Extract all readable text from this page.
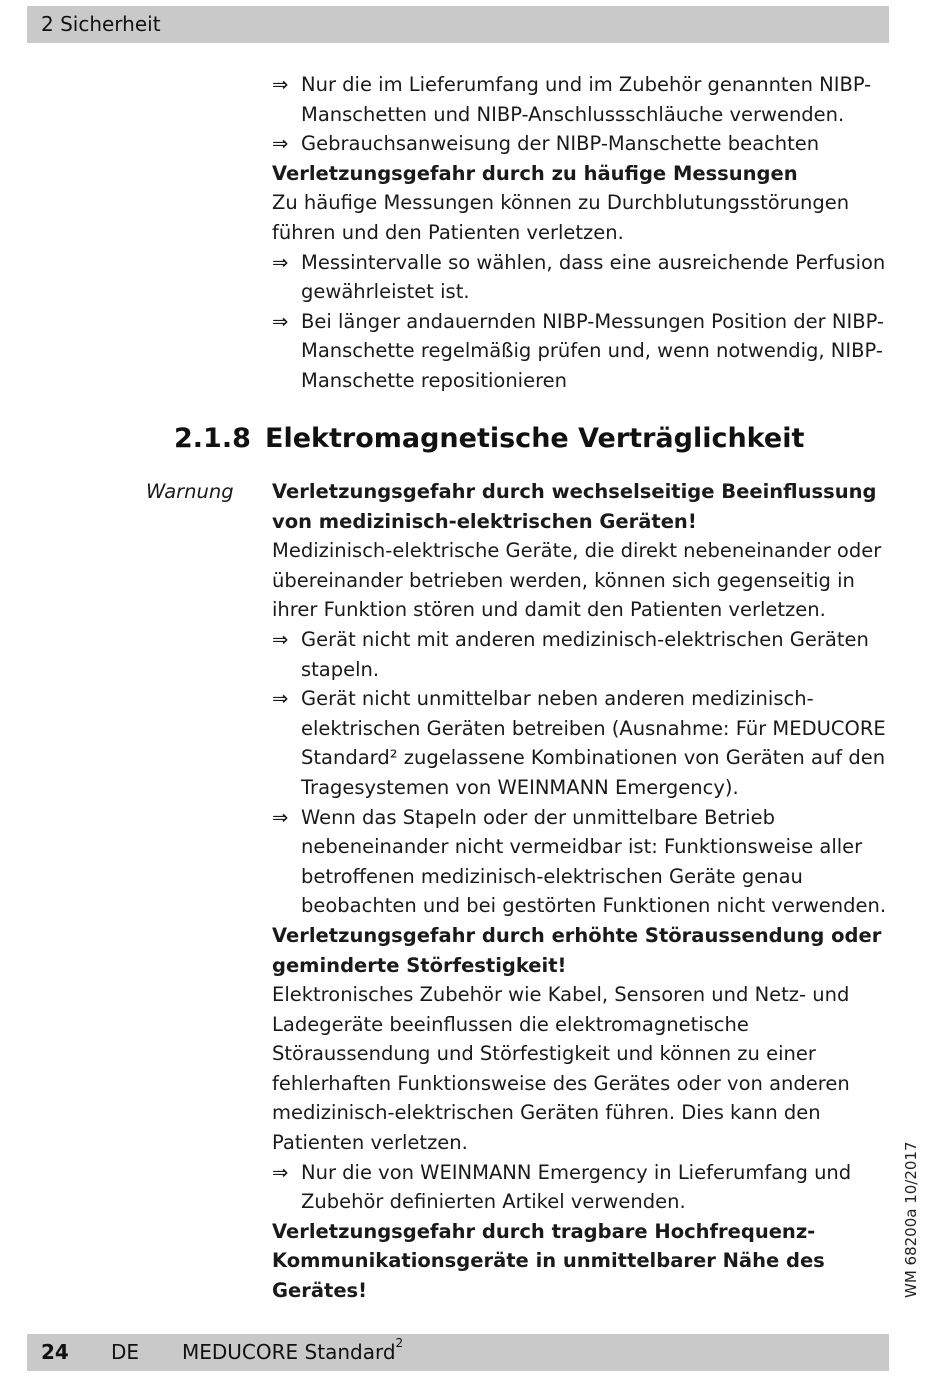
2 Sicherheit

⇒ Nur die im Lieferumfang und im Zubehör genannten NIBP-Manschetten und NIBP-Anschlussschläuche verwenden.

⇒ Gebrauchsanweisung der NIBP-Manschette beachten

Verletzungsgefahr durch zu häufige Messungen

Zu häufige Messungen können zu Durchblutungsstörungen führen und den Patienten verletzen.

⇒ Messintervalle so wählen, dass eine ausreichende Perfusion gewährleistet ist.

⇒ Bei länger andauernden NIBP-Messungen Position der NIBP-Manschette regelmäßig prüfen und, wenn notwendig, NIBP-Manschette repositionieren

2.1.8 Elektromagnetische Verträglichkeit
Warnung Verletzungsgefahr durch wechselseitige Beeinflussung von medizinisch-elektrischen Geräten!

Medizinisch-elektrische Geräte, die direkt nebeneinander oder übereinander betrieben werden, können sich gegenseitig in ihrer Funktion stören und damit den Patienten verletzen.

⇒ Gerät nicht mit anderen medizinisch-elektrischen Geräten stapeln.

⇒ Gerät nicht unmittelbar neben anderen medizinisch-elektrischen Geräten betreiben (Ausnahme: Für MEDUCORE Standard² zugelassene Kombinationen von Geräten auf den Tragesystemen von WEINMANN Emergency).

⇒ Wenn das Stapeln oder der unmittelbare Betrieb nebeneinander nicht vermeidbar ist: Funktionsweise aller betroffenen medizinisch-elektrischen Geräte genau beobachten und bei gestörten Funktionen nicht verwenden.

Verletzungsgefahr durch erhöhte Störaussendung oder geminderte Störfestigkeit!

Elektronisches Zubehör wie Kabel, Sensoren und Netz- und Ladegeräte beeinflussen die elektromagnetische Störaussendung und Störfestigkeit und können zu einer fehlerhaften Funktionsweise des Gerätes oder von anderen medizinisch-elektrischen Geräten führen. Dies kann den Patienten verletzen.

⇒ Nur die von WEINMANN Emergency in Lieferumfang und Zubehör definierten Artikel verwenden.

Verletzungsgefahr durch tragbare Hochfrequenz-Kommunikationsgeräte in unmittelbarer Nähe des Gerätes!	WM 68200a 10/2017
24 DE MEDUCORE Standard$^2$
